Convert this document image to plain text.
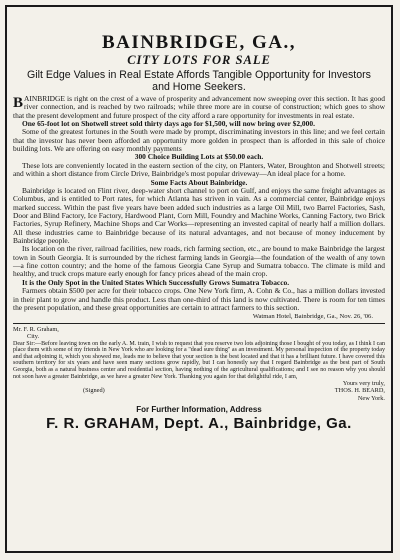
BAINBRIDGE, GA.,
CITY LOTS FOR SALE
Gilt Edge Values in Real Estate Affords Tangible Opportunity for Investors and Home Seekers.

BAINBRIDGE is right on the crest of a wave of prosperity and advancement now sweeping over this section. It has good river connection, and is reached by two railroads; while three more are in course of construction; which goes to show that the present development and future prospect of the city afford a rare opportunity for investments in real estate.

One 65-foot lot on Shotwell street sold thirty days ago for $1,500, will now bring over $2,000.

Some of the greatest fortunes in the South were made by prompt, discriminating investors in this line; and we feel certain that the investor has never been afforded an opportunity more golden in prospect than is afforded in this sale of choice building lots. We are offering on easy monthly payments

300 Choice Building Lots at $50.00 each.

These lots are conveniently located in the eastern section of the city, on Planters, Water, Broughton and Shotwell streets; and within a short distance from Circle Drive, Bainbridge's most popular driveway—An ideal place for a home.

Some Facts About Bainbridge.

Bainbridge is located on Flint river, deep-water short channel to port on Gulf, and enjoys the same freight advantages as Columbus, and is entitled to Port rates, for which Atlanta has striven in vain. As a commercial center, Bainbridge enjoys marked success. Within the past five years have been added such industries as a large Oil Mill, two Barrel Factories, Sash, Door and Blind Factory, Ice Factory, Hardwood Plant, Corn Mill, Foundry and Machine Works, Canning Factory, two Brick Factories, Syrup Refinery, Machine Shops and Car Works—representing an invested capital of nearly half a million dollars. All these industries came to Bainbridge because of its natural advantages, and not because of money inducement by Bainbridge people.

Its location on the river, railroad facilities, new roads, rich farming section, etc., are bound to make Bainbridge the largest town in South Georgia. It is surrounded by the richest farming lands in Georgia—the foundation of the wealth of any town—a fine cotton country; and the home of the famous Georgia Cane Syrup and Sumatra tobacco. The climate is mild and healthy, and truck crops mature early enough for fancy prices ahead of the main crop.

It is the Only Spot in the United States Which Successfully Grows Sumatra Tobacco.

Farmers obtain $500 per acre for their tobacco crops. One New York firm, A. Cohn & Co., has a million dollars invested in their plant to grow and handle this product. Less than one-third of this land is now cultivated. There is room for ten times the present population, and these great opportunities are certain to attract farmers to this section.

Watman Hotel, Bainbridge, Ga., Nov. 26, '06.

Mr. F. R. Graham,
City.

Dear Sir:—Before leaving town on the early A. M. train, I wish to request that you reserve two lots adjoining those I bought of you today, as I think I can place them with some of my friends in New York who are looking for a "dead sure thing" as an investment. My personal inspection of the property today and that adjoining it, which you showed me, leads me to believe that your section is the best located and that it has a brilliant future. I have covered this southern territory for six years and have seen many sections grow rapidly, but I can honestly say that I regard Bainbridge as the best part of South Georgia, both as a natural business center and residential section, having nothing of the agricultural qualifications; and I see no reason why you should not soon have a greater Bainbridge, as we have a greater New York. Thanking you again for that delightful ride, I am,

Yours very truly,
(Signed)	THOS. H. BEARD,
New York.
For Further Information, Address
F. R. GRAHAM, Dept. A., Bainbridge, Ga.
